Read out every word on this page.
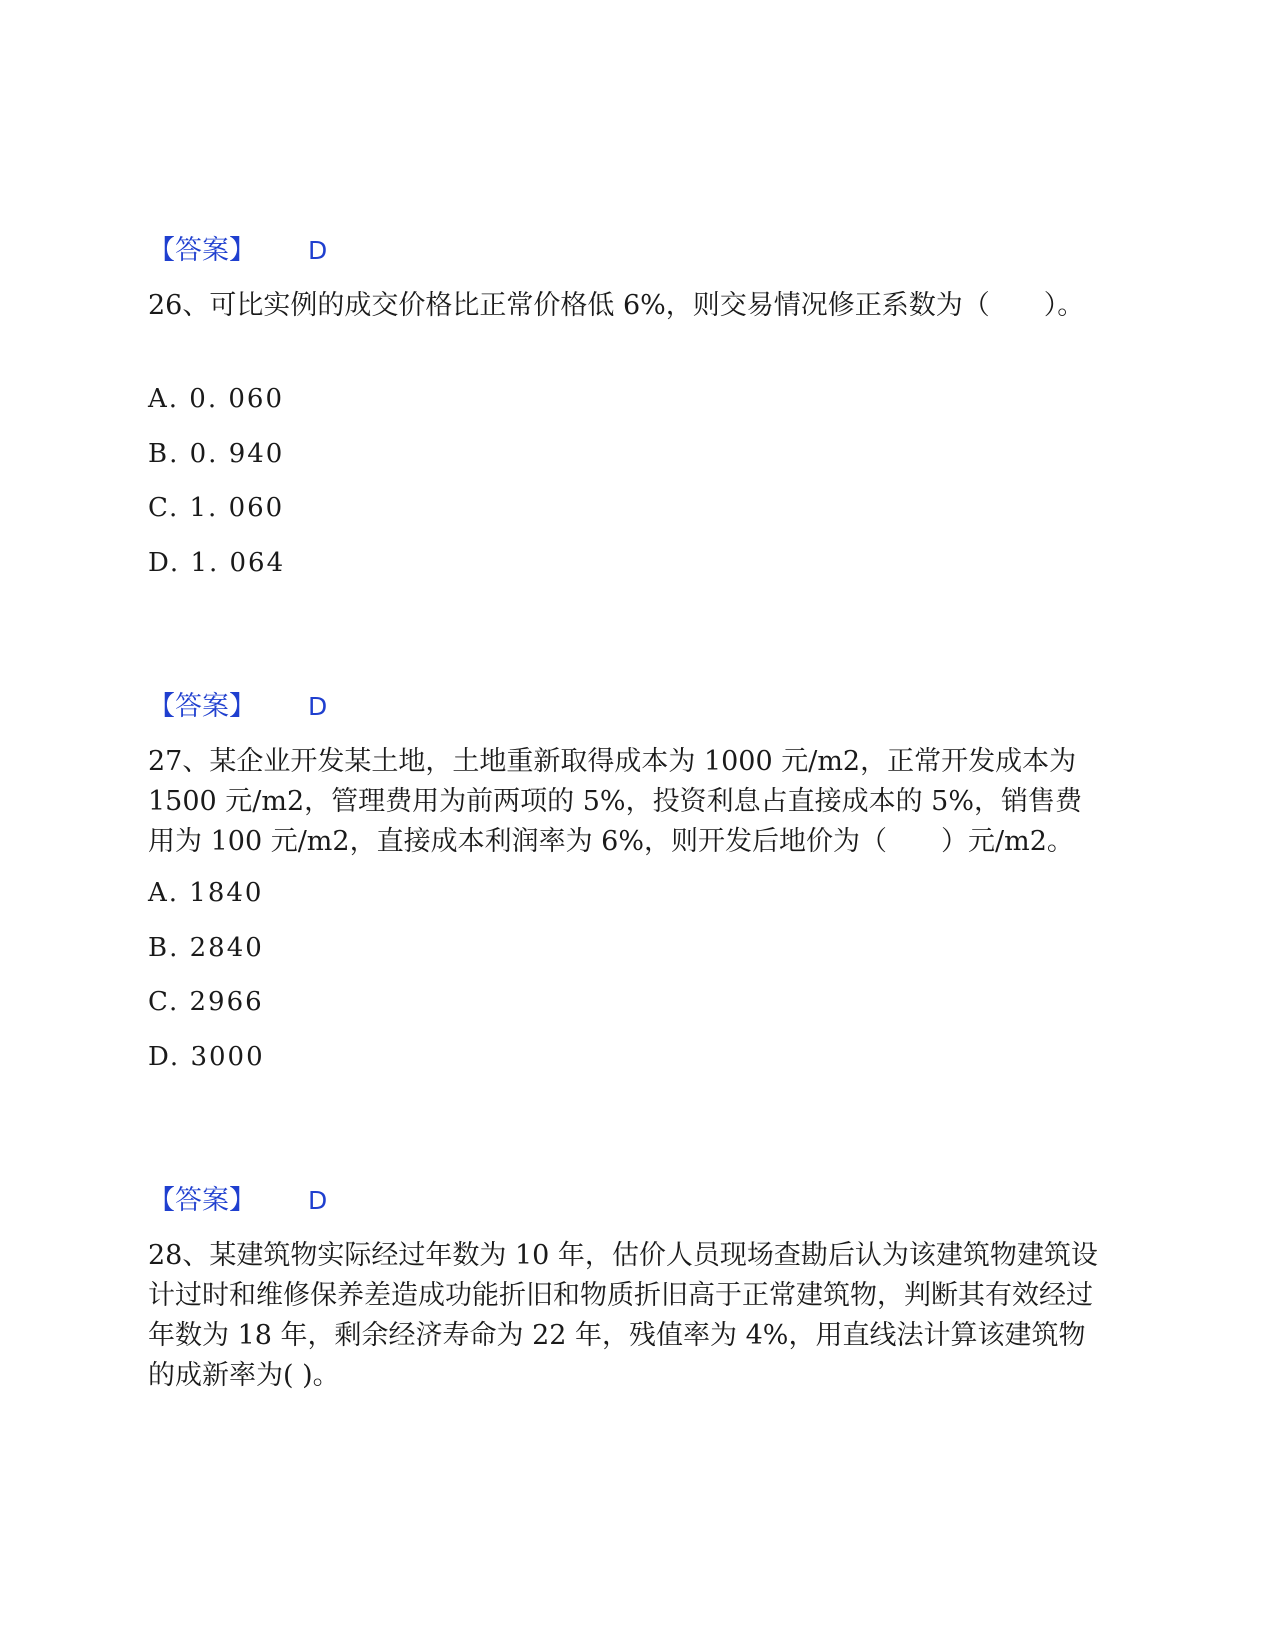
【答案】 D
26、可比实例的成交价格比正常价格低 6%，则交易情况修正系数为（　　）。
A. 0. 060
B. 0. 940
C. 1. 060
D. 1. 064
【答案】 D
27、某企业开发某土地，土地重新取得成本为 1000 元/m2，正常开发成本为 1500 元/m2，管理费用为前两项的 5%，投资利息占直接成本的 5%，销售费用为 100 元/m2，直接成本利润率为 6%，则开发后地价为（　　）元/m2。
A. 1840
B. 2840
C. 2966
D. 3000
【答案】 D
28、某建筑物实际经过年数为 10 年，估价人员现场查勘后认为该建筑物建筑设计过时和维修保养差造成功能折旧和物质折旧高于正常建筑物，判断其有效经过年数为 18 年，剩余经济寿命为 22 年，残值率为 4%，用直线法计算该建筑物的成新率为( )。
